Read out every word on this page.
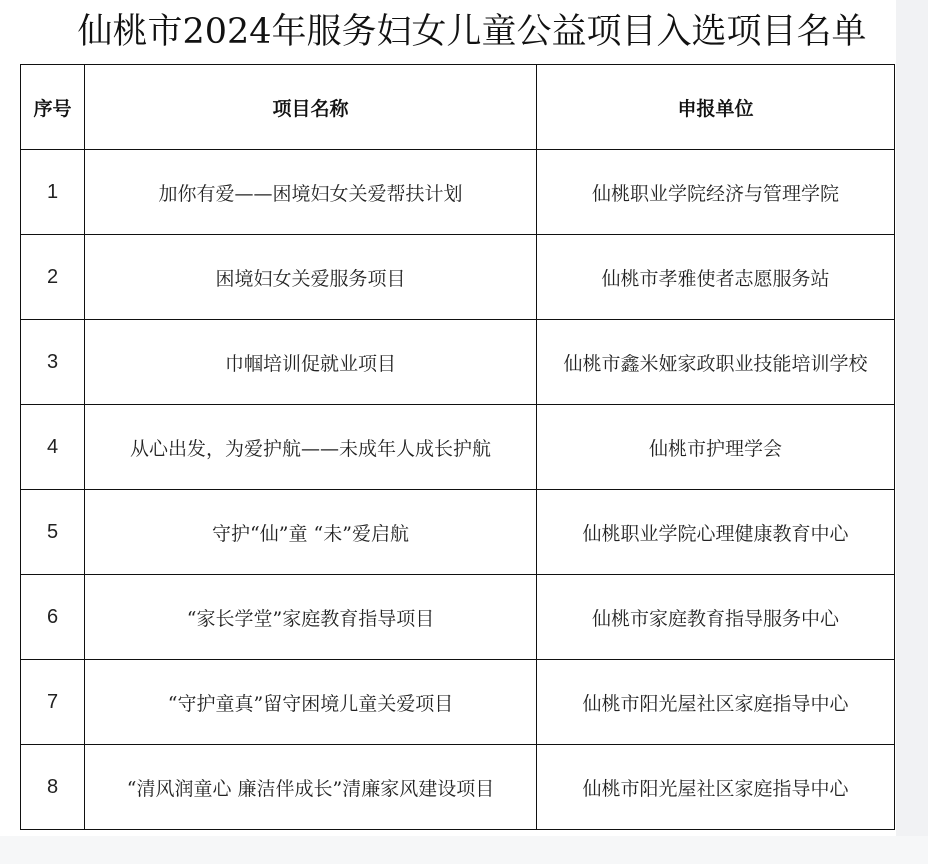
仙桃市2024年服务妇女儿童公益项目入选项目名单
序号	项目名称	申报单位
1	加你有爱——困境妇女关爱帮扶计划	仙桃职业学院经济与管理学院
2	困境妇女关爱服务项目	仙桃市孝雅使者志愿服务站
3	巾帼培训促就业项目	仙桃市鑫米娅家政职业技能培训学校
4	从心出发，为爱护航——未成年人成长护航	仙桃市护理学会
5	守护“仙”童 “未”爱启航	仙桃职业学院心理健康教育中心
6	“家长学堂”家庭教育指导项目	仙桃市家庭教育指导服务中心
7	“守护童真”留守困境儿童关爱项目	仙桃市阳光屋社区家庭指导中心
8	“清风润童心 廉洁伴成长”清廉家风建设项目	仙桃市阳光屋社区家庭指导中心
